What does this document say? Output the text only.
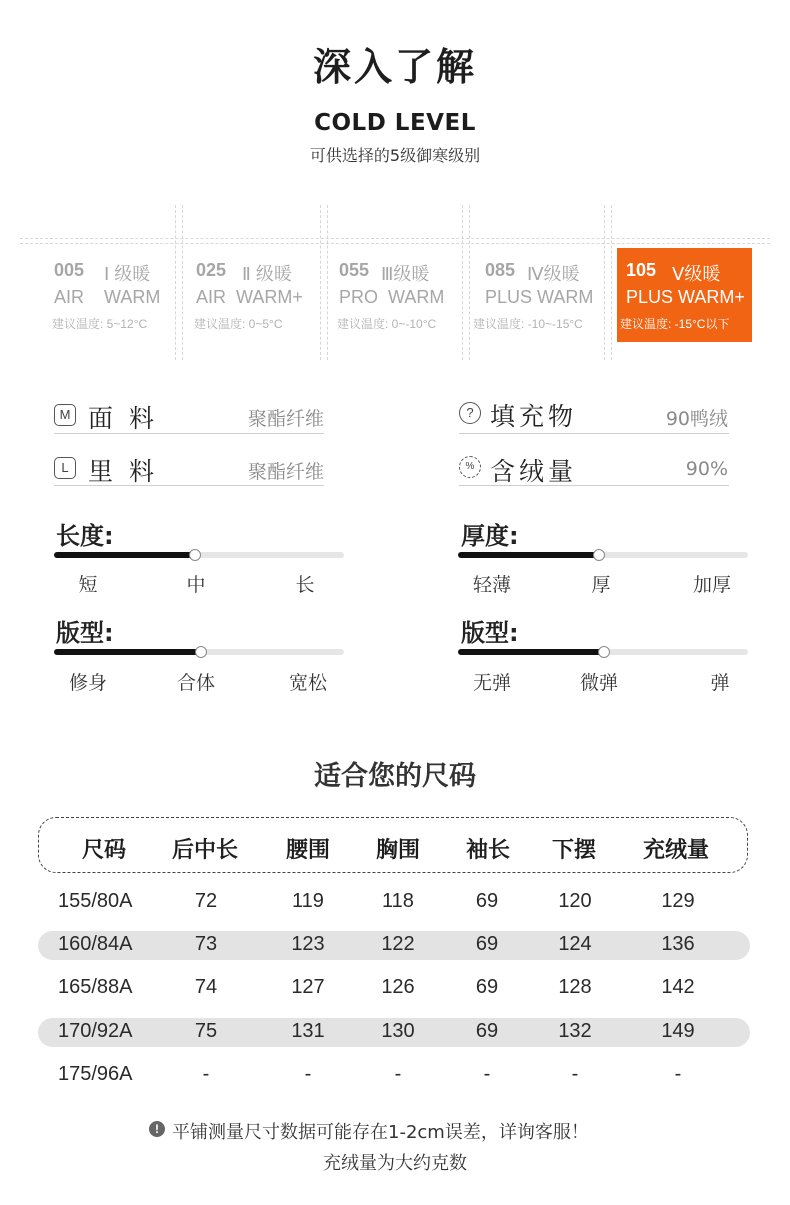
深入了解
COLD LEVEL
可供选择的5级御寒级别
005 Ⅰ 级暖
AIR    WARM
建议温度: 5~12°C
025 Ⅱ 级暖
AIR  WARM+
建议温度: 0~5°C
055 Ⅲ级暖
PRO  WARM
建议温度: 0~-10°C
085 Ⅳ级暖
PLUS WARM
建议温度: -10~-15°C
105 Ⅴ级暖
PLUS WARM+
建议温度: -15°C以下
M 面 料	聚酯纤维
L 里 料	聚酯纤维
? 填充物	90鸭绒
% 含绒量	90%
长度:
短	中	长
厚度:
轻薄	厚	加厚
版型:
修身	合体	宽松
版型:
无弹	微弹	弹
适合您的尺码
尺码	后中长	腰围	胸围	袖长	下摆	充绒量
155/80A	72	119	118	69	120	129
160/84A	73	123	122	69	124	136
165/88A	74	127	126	69	128	142
170/92A	75	131	130	69	132	149
175/96A	-	-	-	-	-	-
! 平铺测量尺寸数据可能存在1-2cm误差，详询客服！
充绒量为大约克数
